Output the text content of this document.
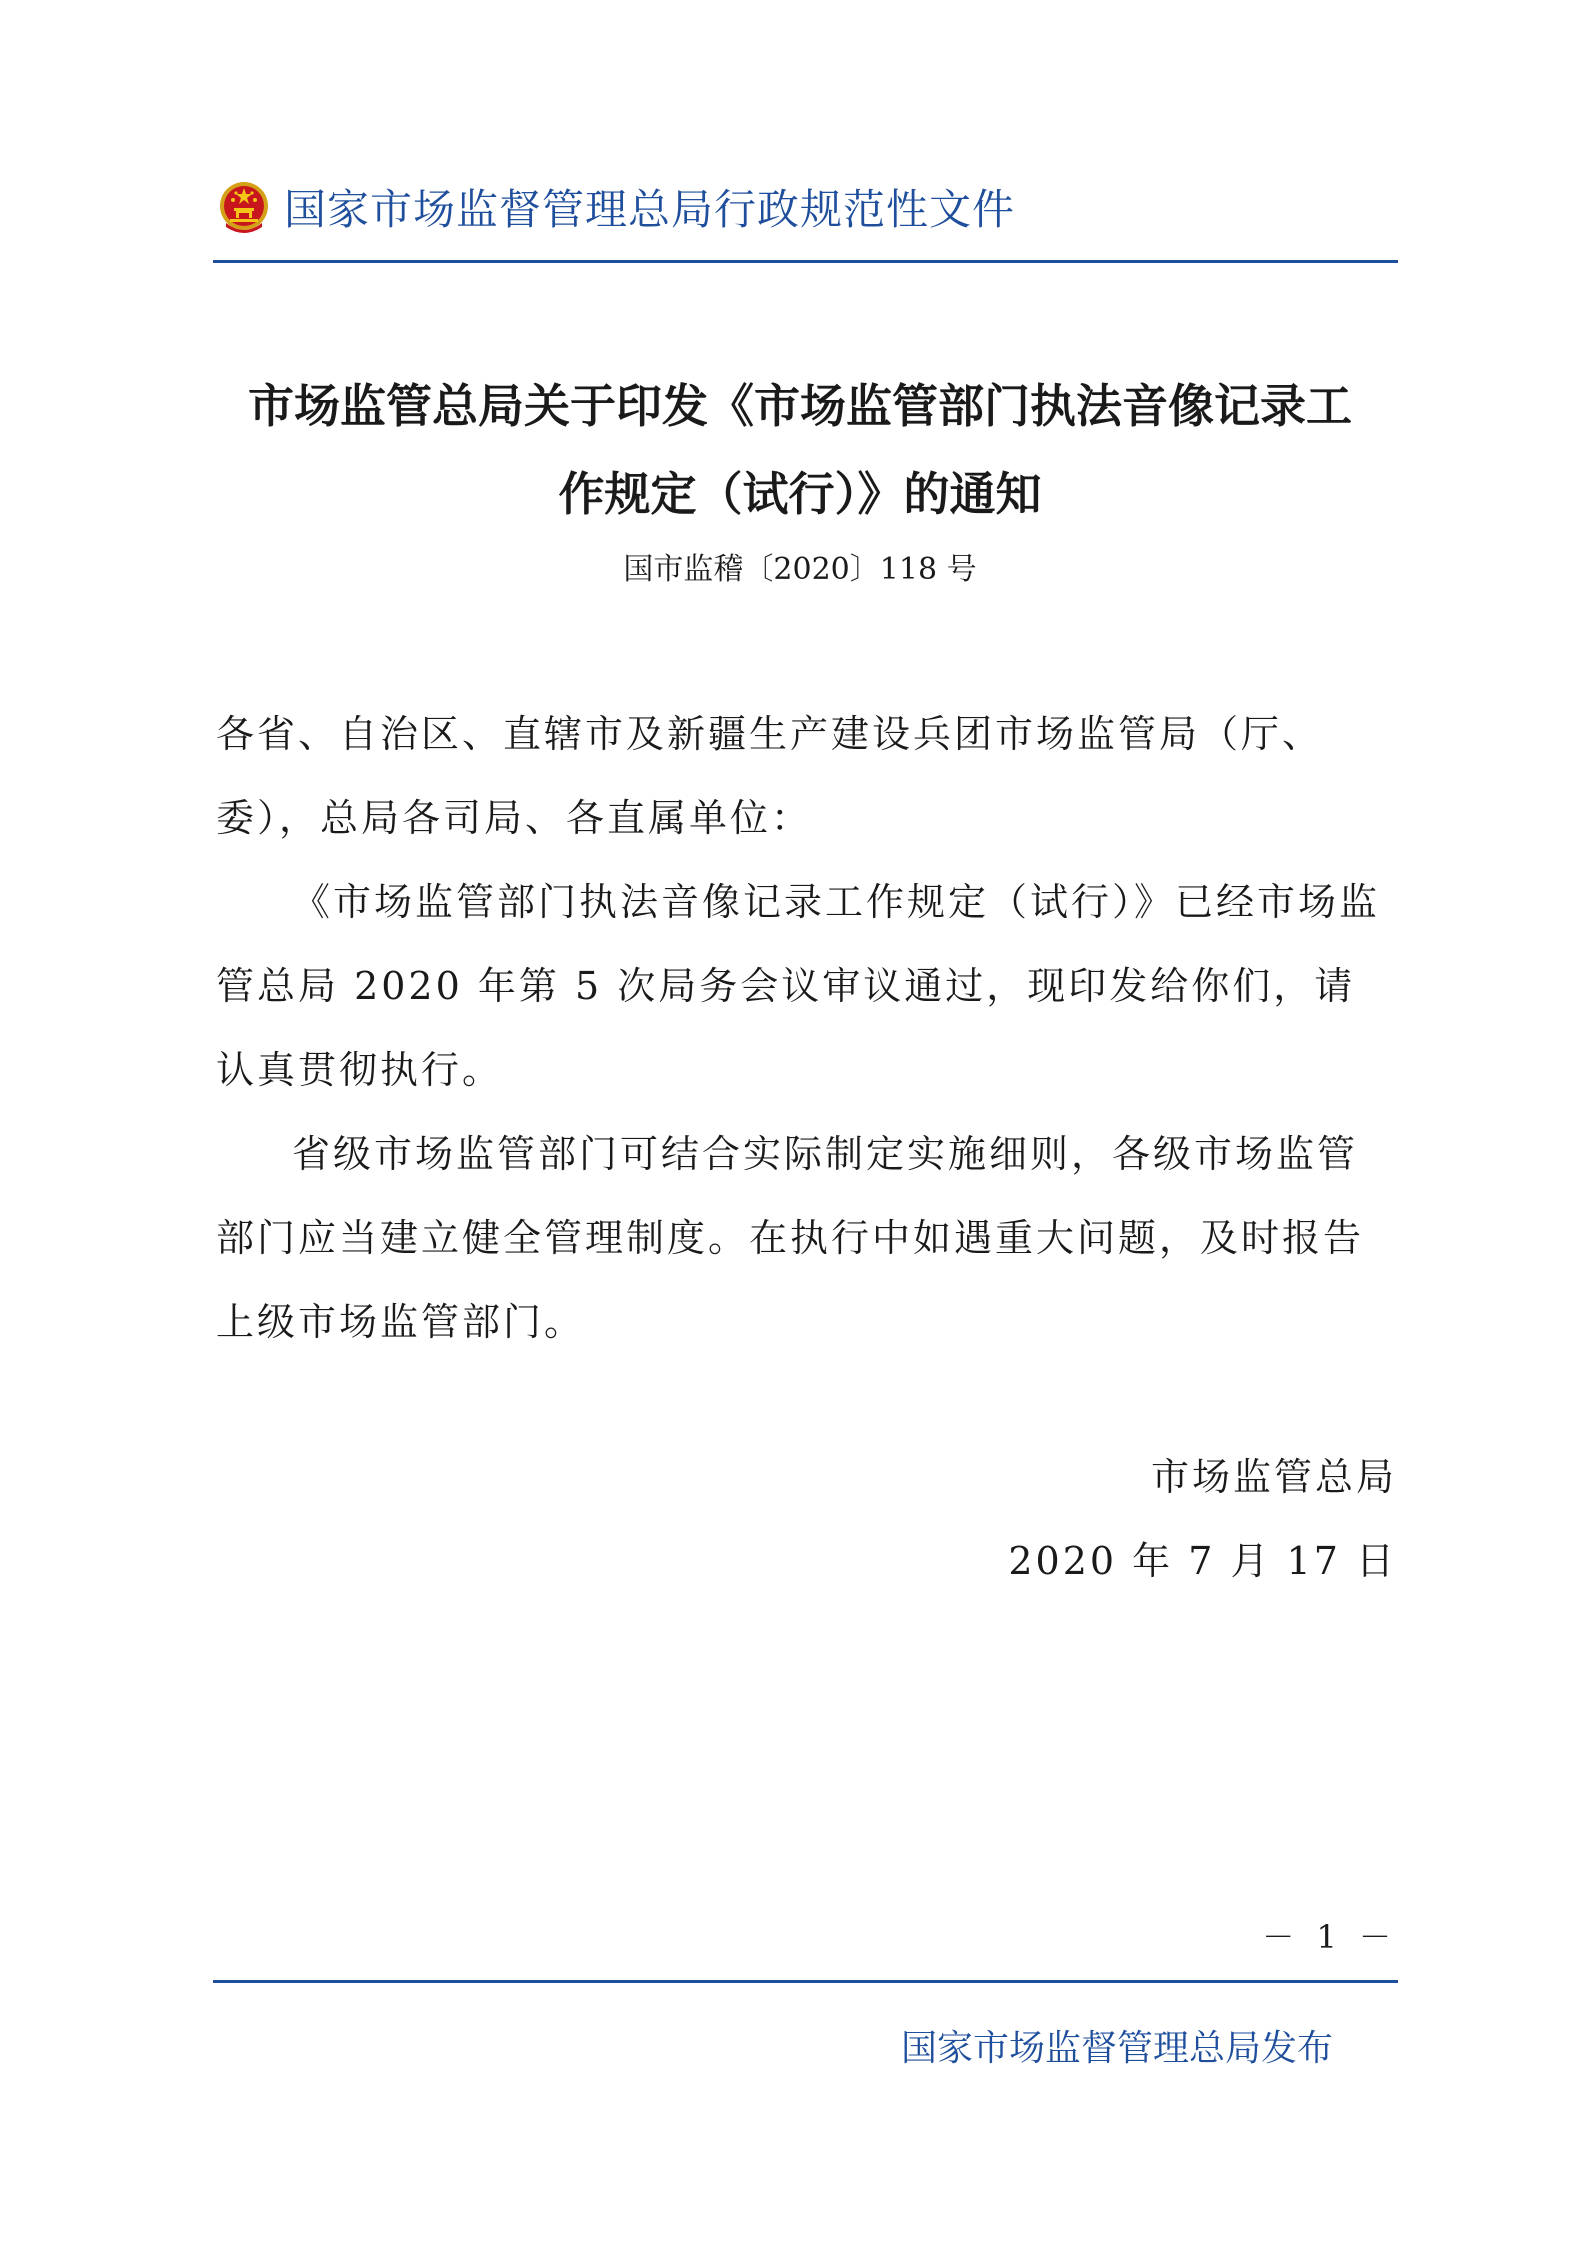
国家市场监督管理总局行政规范性文件
市场监管总局关于印发《市场监管部门执法音像记录工
作规定（试行）》的通知
国市监稽〔2020〕118 号

各省、自治区、直辖市及新疆生产建设兵团市场监管局（厅、委），总局各司局、各直属单位：

《市场监管部门执法音像记录工作规定（试行）》已经市场监管总局 2020 年第 5 次局务会议审议通过，现印发给你们，请认真贯彻执行。

省级市场监管部门可结合实际制定实施细则，各级市场监管部门应当建立健全管理制度。在执行中如遇重大问题，及时报告上级市场监管部门。

市场监管总局
2020 年 7 月 17 日
－ 1 －
国家市场监督管理总局发布
